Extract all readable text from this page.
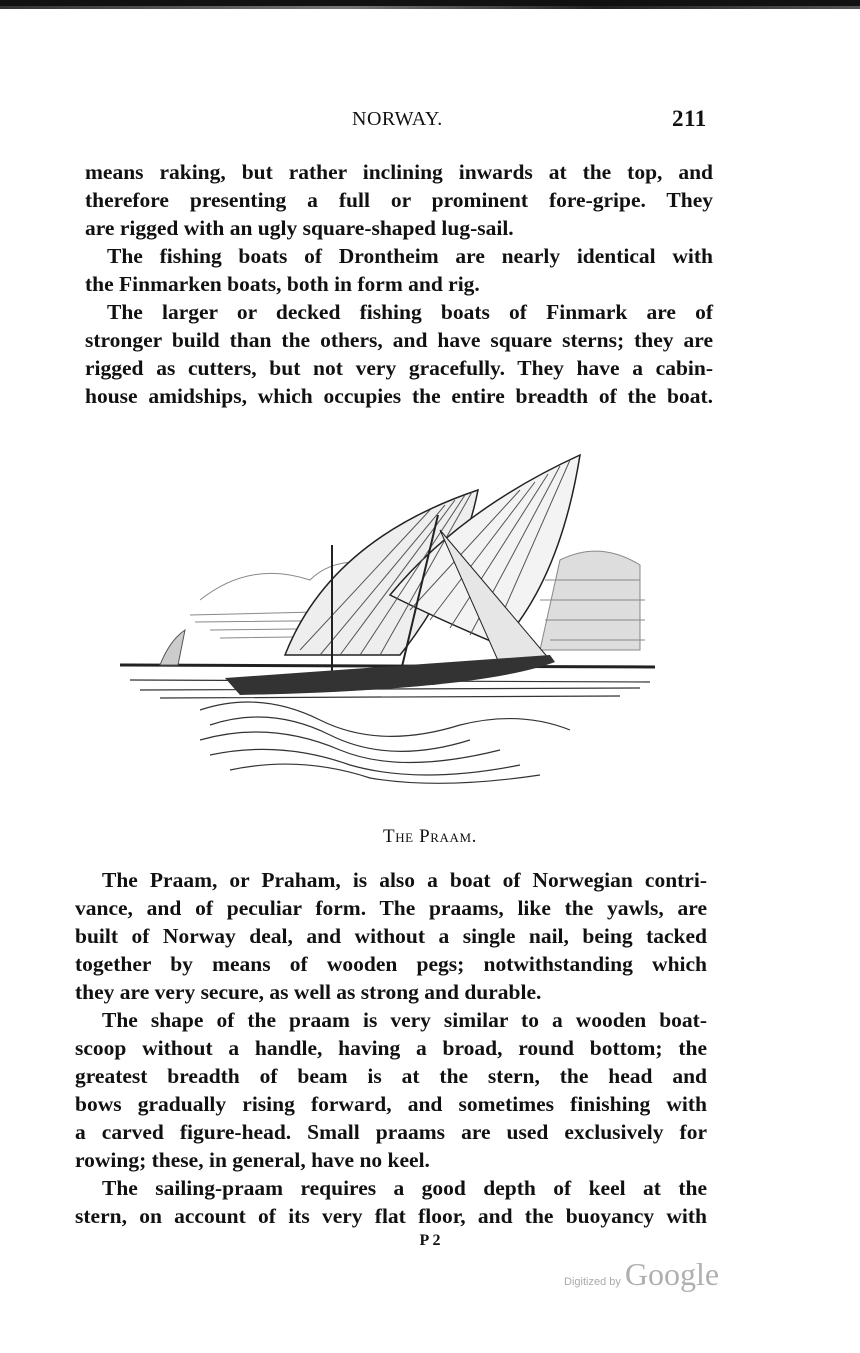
NORWAY.	211
means raking, but rather inclining inwards at the top, and
therefore presenting a full or prominent fore-gripe. They
are rigged with an ugly square-shaped lug-sail.
The fishing boats of Drontheim are nearly identical with
the Finmarken boats, both in form and rig.
The larger or decked fishing boats of Finmark are of
stronger build than the others, and have square sterns; they are
rigged as cutters, but not very gracefully. They have a cabin-
house amidships, which occupies the entire breadth of the boat.
The Praam.
The Praam, or Praham, is also a boat of Norwegian contri-
vance, and of peculiar form. The praams, like the yawls, are
built of Norway deal, and without a single nail, being tacked
together by means of wooden pegs; notwithstanding which
they are very secure, as well as strong and durable.
The shape of the praam is very similar to a wooden boat-
scoop without a handle, having a broad, round bottom; the
greatest breadth of beam is at the stern, the head and
bows gradually rising forward, and sometimes finishing with
a carved figure-head. Small praams are used exclusively for
rowing; these, in general, have no keel.
The sailing-praam requires a good depth of keel at the
stern, on account of its very flat floor, and the buoyancy with
P 2
Digitized by Google
